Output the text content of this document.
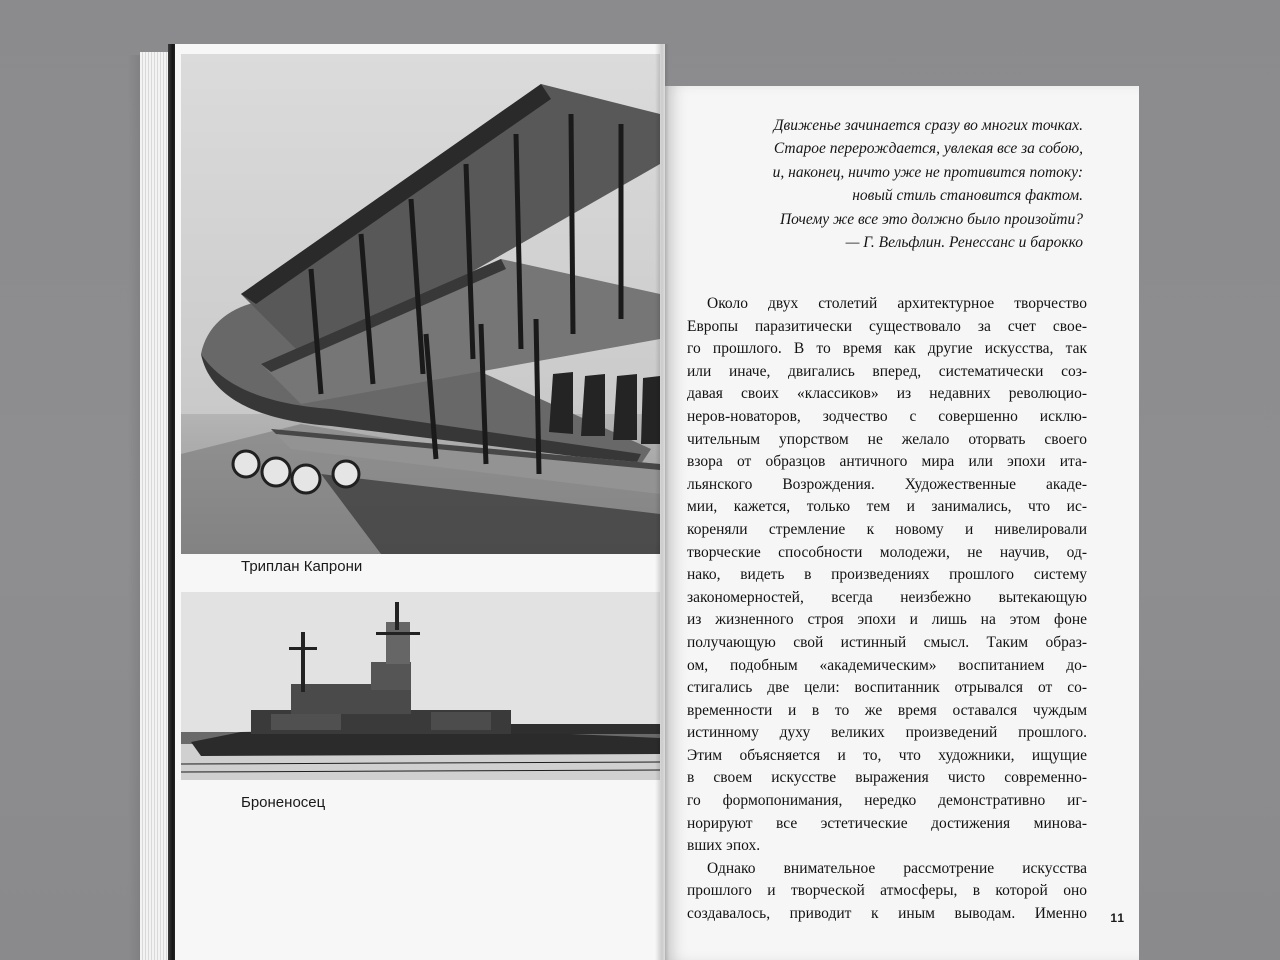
Триплан Капрони
Броненосец
Движенье зачинается сразу во многих точках.
Старое перерождается, увлекая все за собою,
и, наконец, ничто уже не противится потоку:
новый стиль становится фактом.
Почему же все это должно было произойти?
— Г. Вельфлин. Ренессанс и барокко
Около двух столетий архитектурное творчество
Европы паразитически существовало за счет свое-
го прошлого. В то время как другие искусства, так
или иначе, двигались вперед, систематически соз-
давая своих «классиков» из недавних революцио-
неров-новаторов, зодчество с совершенно исклю-
чительным упорством не желало оторвать своего
взора от образцов античного мира или эпохи ита-
льянского Возрождения. Художественные акаде-
мии, кажется, только тем и занимались, что ис-
кореняли стремление к новому и нивелировали
творческие способности молодежи, не научив, од-
нако, видеть в произведениях прошлого систему
закономерностей, всегда неизбежно вытекающую
из жизненного строя эпохи и лишь на этом фоне
получающую свой истинный смысл. Таким образ-
ом, подобным «академическим» воспитанием до-
стигались две цели: воспитанник отрывался от со-
временности и в то же время оставался чуждым
истинному духу великих произведений прошлого.
Этим объясняется и то, что художники, ищущие
в своем искусстве выражения чисто современно-
го формопонимания, нередко демонстративно иг-
норируют все эстетические достижения минова-
вших эпох.
Однако внимательное рассмотрение искусства
прошлого и творческой атмосферы, в которой оно
создавалось, приводит к иным выводам. Именно 11
